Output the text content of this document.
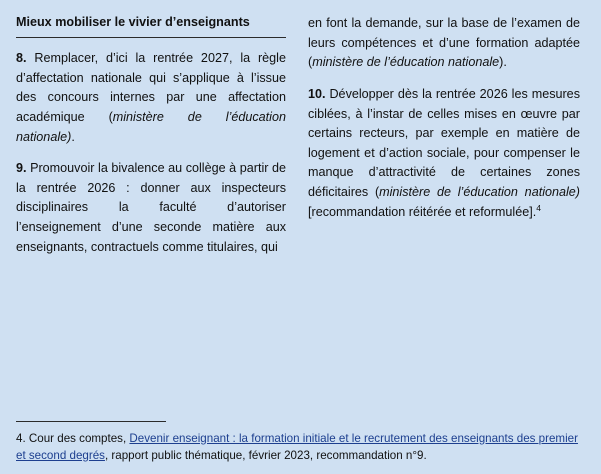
Mieux mobiliser le vivier d’enseignants

8. Remplacer, d’ici la rentrée 2027, la règle d’affectation nationale qui s’applique à l’issue des concours internes par une affectation académique (ministère de l’éducation nationale).

9. Promouvoir la bivalence au collège à partir de la rentrée 2026 : donner aux inspecteurs disciplinaires la faculté d’autoriser l’enseignement d’une seconde matière aux enseignants, contractuels comme titulaires, qui

en font la demande, sur la base de l’examen de leurs compétences et d’une formation adaptée (ministère de l’éducation nationale).

10. Développer dès la rentrée 2026 les mesures ciblées, à l’instar de celles mises en œuvre par certains recteurs, par exemple en matière de logement et d’action sociale, pour compenser le manque d’attractivité de certaines zones déficitaires (ministère de l’éducation nationale) [recommandation réitérée et reformulée].$^4$

4. Cour des comptes, Devenir enseignant : la formation initiale et le recrutement des enseignants des premier et second degrés, rapport public thématique, février 2023, recommandation n°9.
